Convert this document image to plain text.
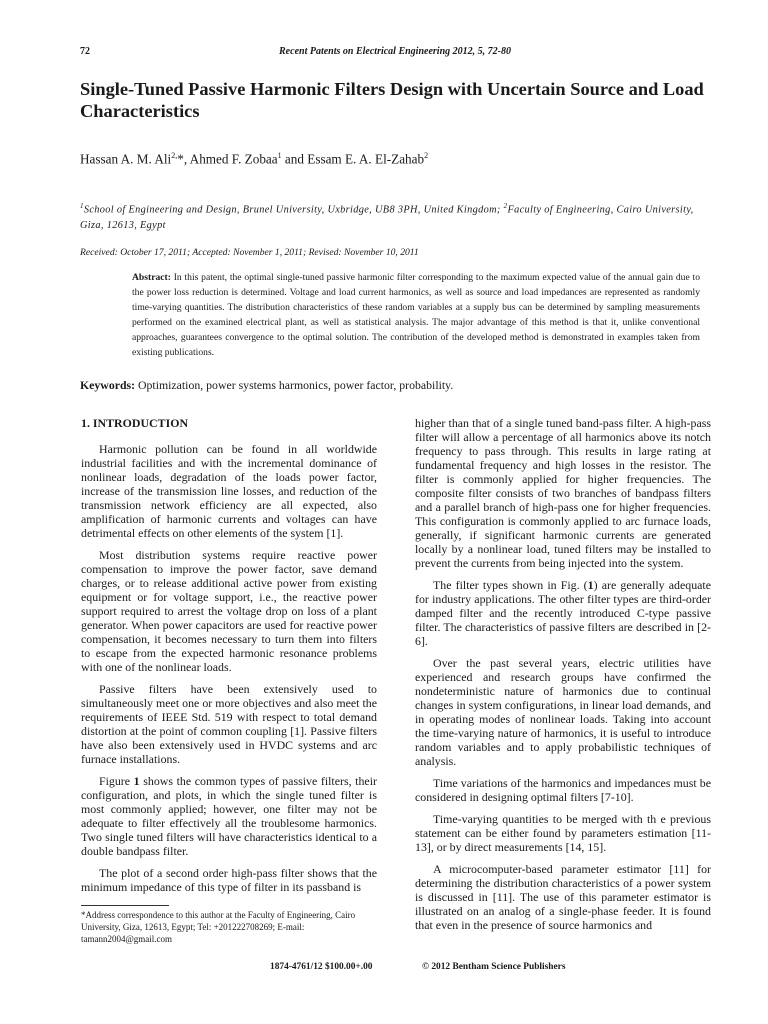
72	Recent Patents on Electrical Engineering 2012, 5, 72-80
Single-Tuned Passive Harmonic Filters Design with Uncertain Source and Load Characteristics
Hassan A. M. Ali$^{2,}$*, Ahmed F. Zobaa$^1$ and Essam E. A. El-Zahab$^2$
$^1$School of Engineering and Design, Brunel University, Uxbridge, UB8 3PH, United Kingdom; $^2$Faculty of Engineering, Cairo University, Giza, 12613, Egypt
Received: October 17, 2011; Accepted: November 1, 2011; Revised: November 10, 2011

Abstract: In this patent, the optimal single-tuned passive harmonic filter corresponding to the maximum expected value of the annual gain due to the power loss reduction is determined. Voltage and load current harmonics, as well as source and load impedances are represented as randomly time-varying quantities. The distribution characteristics of these random variables at a supply bus can be determined by sampling measurements performed on the examined electrical plant, as well as statistical analysis. The major advantage of this method is that it, unlike conventional approaches, guarantees convergence to the optimal solution. The contribution of the developed method is demonstrated in examples taken from existing publications.

Keywords: Optimization, power systems harmonics, power factor, probability.
1. INTRODUCTION

Harmonic pollution can be found in all worldwide industrial facilities and with the incremental dominance of nonlinear loads, degradation of the loads power factor, increase of the transmission line losses, and reduction of the transmission network efficiency are all expected, also amplification of harmonic currents and voltages can have detrimental effects on other elements of the system [1].

Most distribution systems require reactive power compensation to improve the power factor, save demand charges, or to release additional active power from existing equipment or for voltage support, i.e., the reactive power support required to arrest the voltage drop on loss of a plant generator. When power capacitors are used for reactive power compensation, it becomes necessary to turn them into filters to escape from the expected harmonic resonance problems with one of the nonlinear loads.

Passive filters have been extensively used to simultaneously meet one or more objectives and also meet the requirements of IEEE Std. 519 with respect to total demand distortion at the point of common coupling [1]. Passive filters have also been extensively used in HVDC systems and arc furnace installations.

Figure 1 shows the common types of passive filters, their configuration, and plots, in which the single tuned filter is most commonly applied; however, one filter may not be adequate to filter effectively all the troublesome harmonics. Two single tuned filters will have characteristics identical to a double bandpass filter.

The plot of a second order high-pass filter shows that the minimum impedance of this type of filter in its passband is

higher than that of a single tuned band-pass filter. A high-pass filter will allow a percentage of all harmonics above its notch frequency to pass through. This results in large rating at fundamental frequency and high losses in the resistor. The filter is commonly applied for higher frequencies. The composite filter consists of two branches of bandpass filters and a parallel branch of high-pass one for higher frequencies. This configuration is commonly applied to arc furnace loads, generally, if significant harmonic currents are generated locally by a nonlinear load, tuned filters may be installed to prevent the currents from being injected into the system.

The filter types shown in Fig. (1) are generally adequate for industry applications. The other filter types are third-order damped filter and the recently introduced C-type passive filter. The characteristics of passive filters are described in [2-6].

Over the past several years, electric utilities have experienced and research groups have confirmed the nondeterministic nature of harmonics due to continual changes in system configurations, in linear load demands, and in operating modes of nonlinear loads. Taking into account the time-varying nature of harmonics, it is useful to introduce random variables and to apply probabilistic techniques of analysis.

Time variations of the harmonics and impedances must be considered in designing optimal filters [7-10].

Time-varying quantities to be merged with th e previous statement can be either found by parameters estimation [11-13], or by direct measurements [14, 15].

A microcomputer-based parameter estimator [11] for determining the distribution characteristics of a power system is discussed in [11]. The use of this parameter estimator is illustrated on an analog of a single-phase feeder. It is found that even in the presence of source harmonics and

*Address correspondence to this author at the Faculty of Engineering, Cairo University, Giza, 12613, Egypt; Tel: +201222708269; E-mail: tamann2004@gmail.com
1874-4761/12 $100.00+.00	© 2012 Bentham Science Publishers
